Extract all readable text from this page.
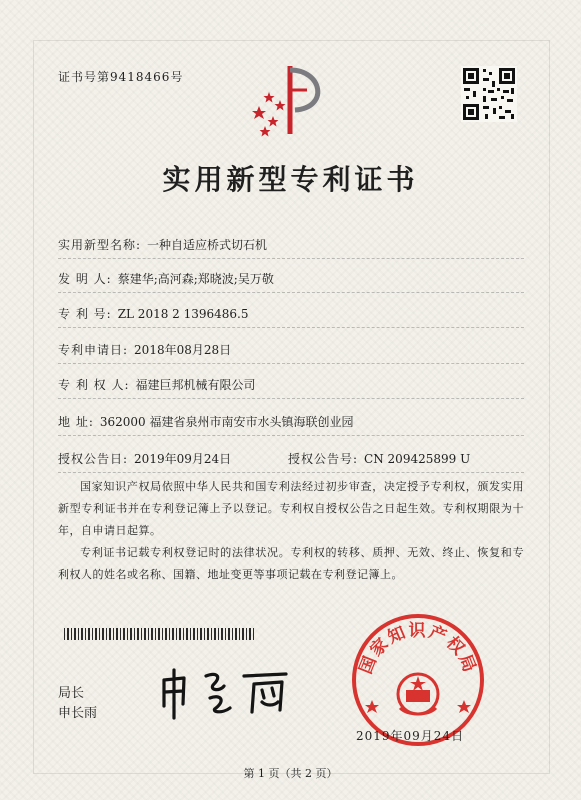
证书号第9418466号
实用新型专利证书
实用新型名称: 一种自适应桥式切石机
发 明 人: 蔡建华;高河森;郑晓波;吴万敬
专 利 号: ZL 2018 2 1396486.5
专利申请日: 2018年08月28日
专 利 权 人: 福建巨邦机械有限公司
地 址: 362000 福建省泉州市南安市水头镇海联创业园
授权公告日: 2019年09月24日	授权公告号: CN 209425899 U
国家知识产权局依照中华人民共和国专利法经过初步审查，决定授予专利权，颁发实用新型专利证书并在专利登记簿上予以登记。专利权自授权公告之日起生效。专利权期限为十年，自申请日起算。
专利证书记载专利权登记时的法律状况。专利权的转移、质押、无效、终止、恢复和专利权人的姓名或名称、国籍、地址变更等事项记载在专利登记簿上。
局长
申长雨
国家知识产权局
2019年09月24日
第 1 页（共 2 页）
